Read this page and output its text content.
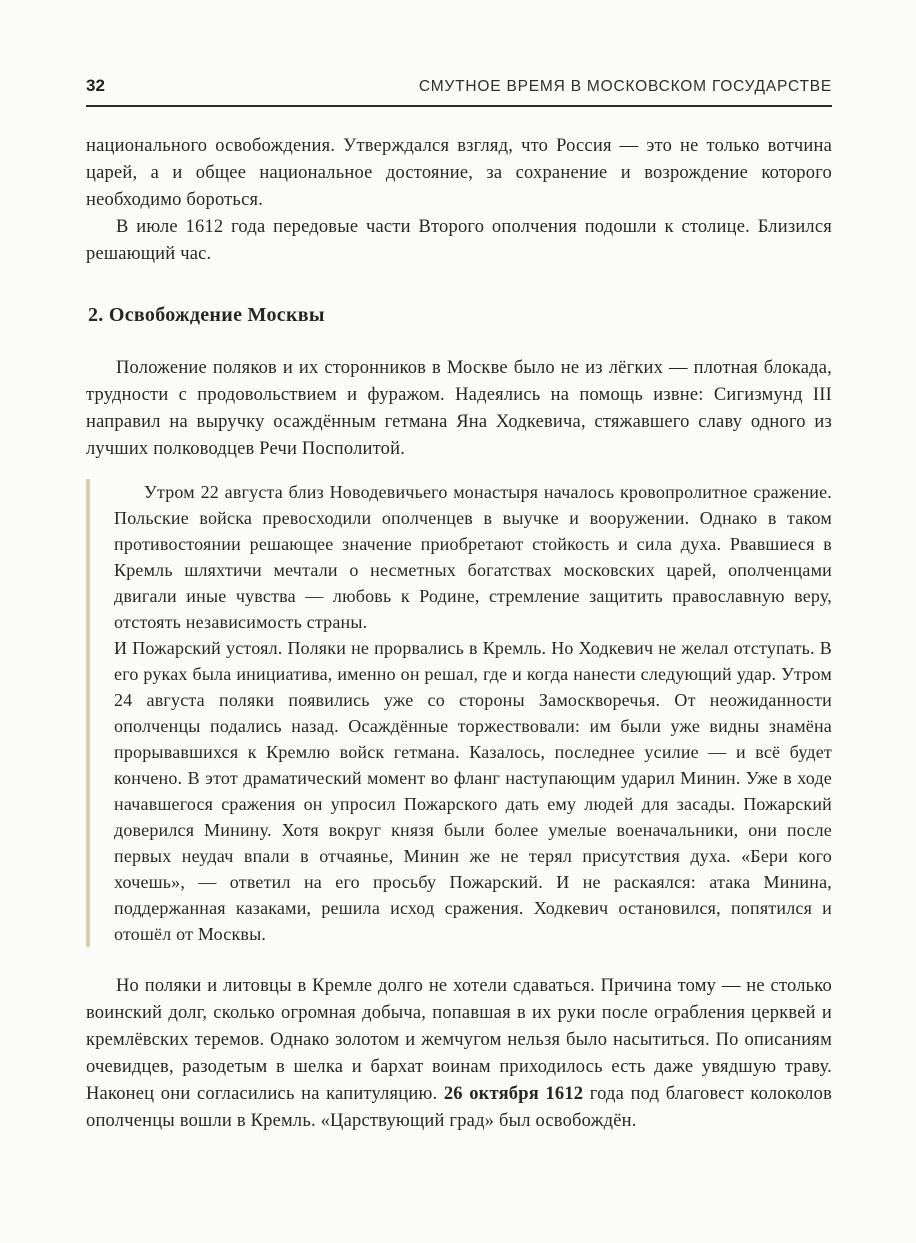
32	СМУТНОЕ ВРЕМЯ В МОСКОВСКОМ ГОСУДАРСТВЕ

национального освобождения. Утверждался взгляд, что Россия — это не только вотчина царей, а и общее национальное достояние, за сохранение и возрождение которого необходимо бороться.

В июле 1612 года передовые части Второго ополчения подошли к столице. Близился решающий час.

2. Освобождение Москвы

Положение поляков и их сторонников в Москве было не из лёгких — плотная блокада, трудности с продовольствием и фуражом. Надеялись на помощь извне: Сигизмунд III направил на выручку осаждённым гетмана Яна Ходкевича, стяжавшего славу одного из лучших полководцев Речи Посполитой.

Утром 22 августа близ Новодевичьего монастыря началось кровопролитное сражение. Польские войска превосходили ополченцев в выучке и вооружении. Однако в таком противостоянии решающее значение приобретают стойкость и сила духа. Рвавшиеся в Кремль шляхтичи мечтали о несметных богатствах московских царей, ополченцами двигали иные чувства — любовь к Родине, стремление защитить православную веру, отстоять независимость страны.

И Пожарский устоял. Поляки не прорвались в Кремль. Но Ходкевич не желал отступать. В его руках была инициатива, именно он решал, где и когда нанести следующий удар. Утром 24 августа поляки появились уже со стороны Замоскворечья. От неожиданности ополченцы подались назад. Осаждённые торжествовали: им были уже видны знамёна прорывавшихся к Кремлю войск гетмана. Казалось, последнее усилие — и всё будет кончено. В этот драматический момент во фланг наступающим ударил Минин. Уже в ходе начавшегося сражения он упросил Пожарского дать ему людей для засады. Пожарский доверился Минину. Хотя вокруг князя были более умелые военачальники, они после первых неудач впали в отчаянье, Минин же не терял присутствия духа. «Бери кого хочешь», — ответил на его просьбу Пожарский. И не раскаялся: атака Минина, поддержанная казаками, решила исход сражения. Ходкевич остановился, попятился и отошёл от Москвы.

Но поляки и литовцы в Кремле долго не хотели сдаваться. Причина тому — не столько воинский долг, сколько огромная добыча, попавшая в их руки после ограбления церквей и кремлёвских теремов. Однако золотом и жемчугом нельзя было насытиться. По описаниям очевидцев, разодетым в шелка и бархат воинам приходилось есть даже увядшую траву. Наконец они согласились на капитуляцию. 26 октября 1612 года под благовест колоколов ополченцы вошли в Кремль. «Царствующий град» был освобождён.
